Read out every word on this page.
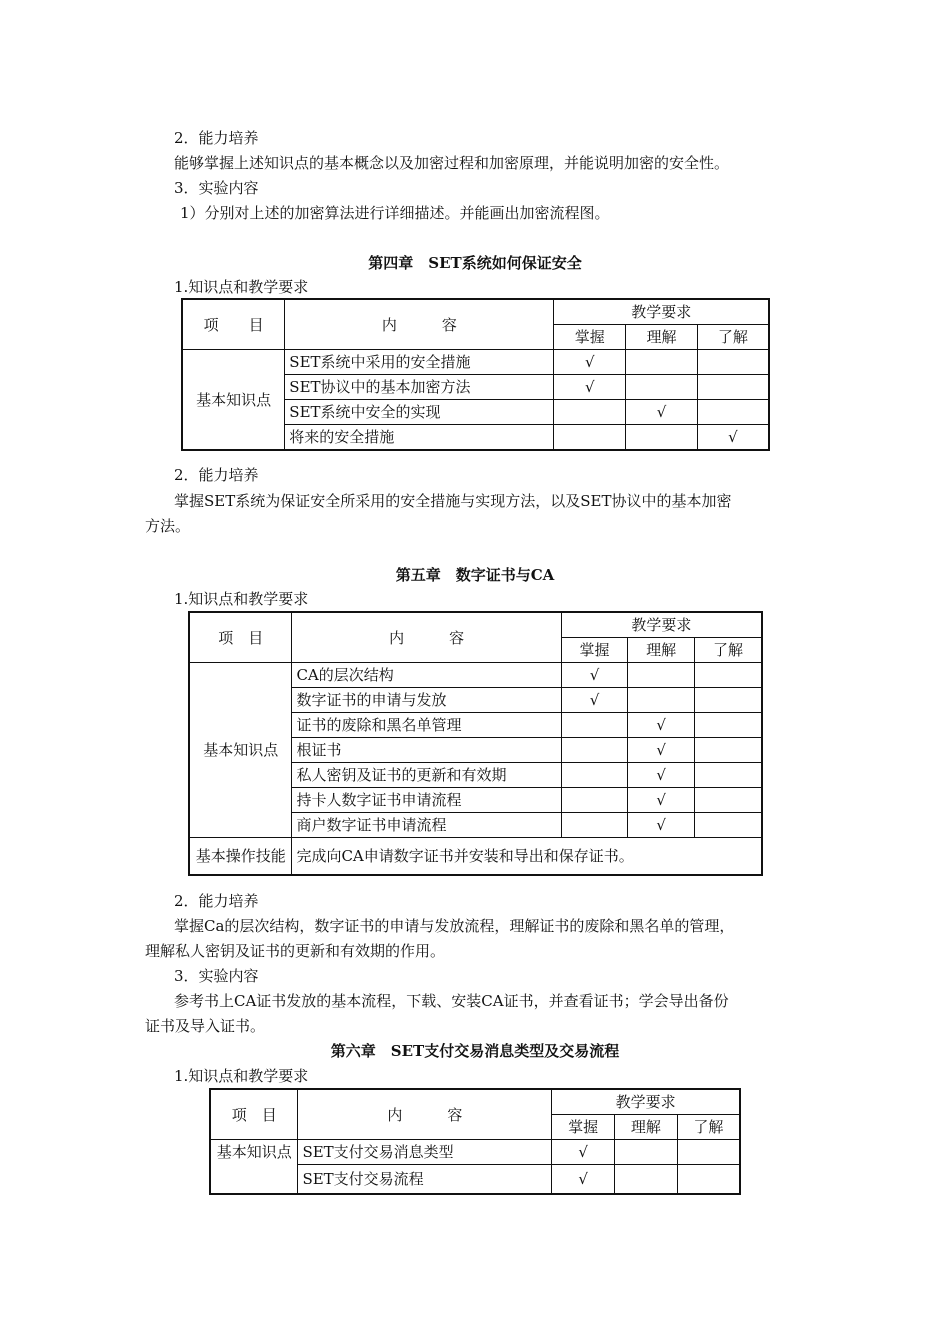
2．能力培养
能够掌握上述知识点的基本概念以及加密过程和加密原理，并能说明加密的安全性。
3．实验内容
1）分别对上述的加密算法进行详细描述。并能画出加密流程图。
第四章　SET系统如何保证安全
1.知识点和教学要求
项　　目	内　　　容	教学要求		
		掌握	理解	了解
基本知识点	SET系统中采用的安全措施	√		
	SET协议中的基本加密方法	√		
	SET系统中安全的实现		√	
	将来的安全措施			√
2．能力培养
掌握SET系统为保证安全所采用的安全措施与实现方法，以及SET协议中的基本加密
方法。
第五章　数字证书与CA
1.知识点和教学要求
项　目	内　　　容	教学要求		
		掌握	理解	了解
基本知识点	CA的层次结构	√		
	数字证书的申请与发放	√		
	证书的废除和黑名单管理		√	
	根证书		√	
	私人密钥及证书的更新和有效期		√	
	持卡人数字证书申请流程		√	
	商户数字证书申请流程		√	
基本操作技能	完成向CA申请数字证书并安装和导出和保存证书。			
2．能力培养
掌握Ca的层次结构，数字证书的申请与发放流程，理解证书的废除和黑名单的管理，
理解私人密钥及证书的更新和有效期的作用。
3．实验内容
参考书上CA证书发放的基本流程，下载、安装CA证书，并查看证书；学会导出备份
证书及导入证书。
第六章　SET支付交易消息类型及交易流程
1.知识点和教学要求
项　目	内　　　容	教学要求		
		掌握	理解	了解
基本知识点	SET支付交易消息类型	√		
	SET支付交易流程	√		
